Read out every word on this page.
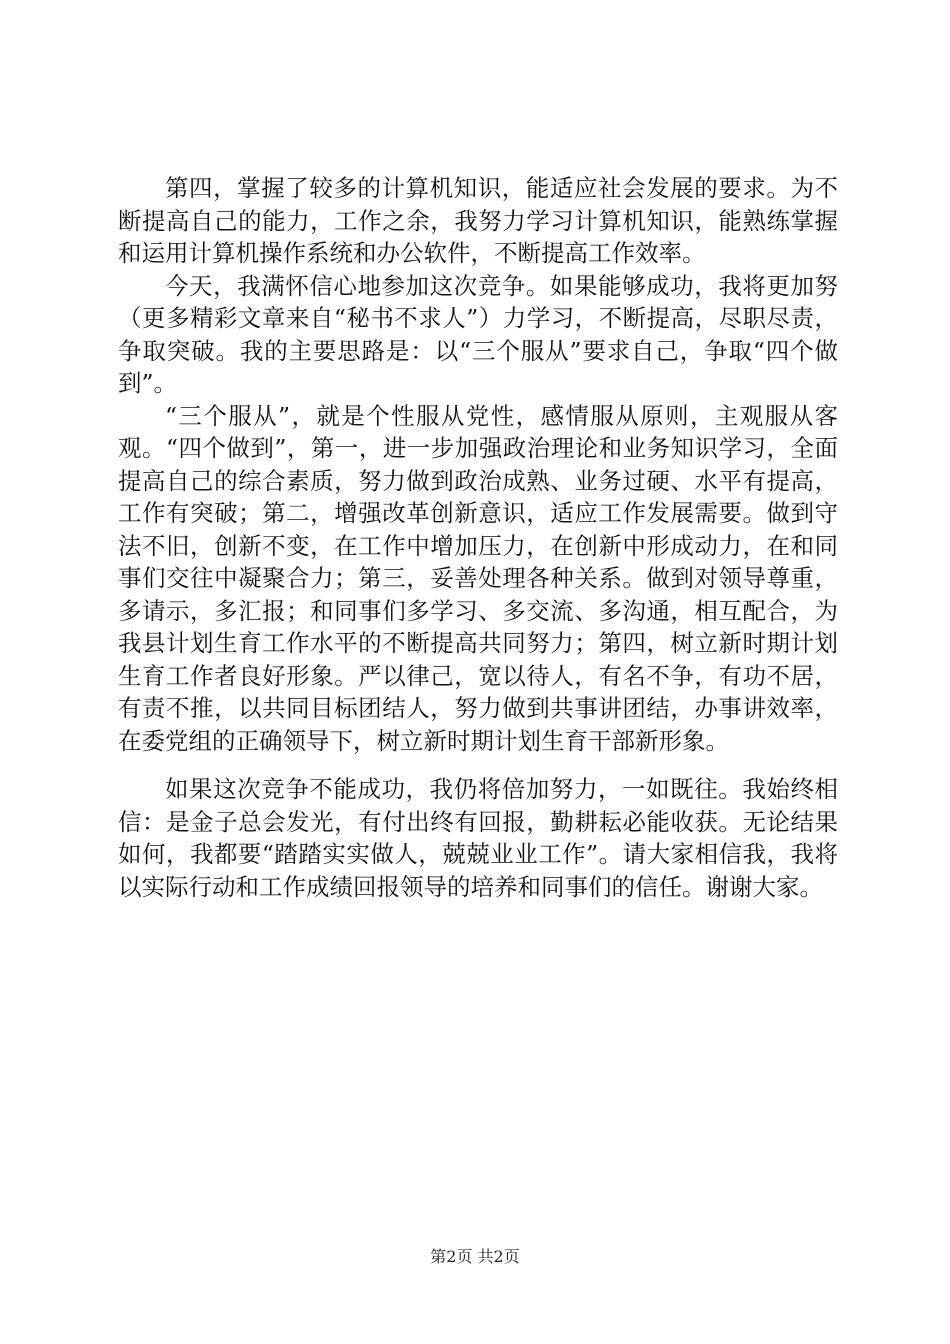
第四，掌握了较多的计算机知识，能适应社会发展的要求。为不断提高自己的能力，工作之余，我努力学习计算机知识，能熟练掌握和运用计算机操作系统和办公软件，不断提高工作效率。

今天，我满怀信心地参加这次竞争。如果能够成功，我将更加努（更多精彩文章来自“秘书不求人”）力学习，不断提高，尽职尽责，争取突破。我的主要思路是：以“三个服从”要求自己，争取“四个做到”。

“三个服从”，就是个性服从党性，感情服从原则，主观服从客观。“四个做到”，第一，进一步加强政治理论和业务知识学习，全面提高自己的综合素质，努力做到政治成熟、业务过硬、水平有提高，工作有突破；第二，增强改革创新意识，适应工作发展需要。做到守法不旧，创新不变，在工作中增加压力，在创新中形成动力，在和同事们交往中凝聚合力；第三，妥善处理各种关系。做到对领导尊重，多请示，多汇报；和同事们多学习、多交流、多沟通，相互配合，为我县计划生育工作水平的不断提高共同努力；第四，树立新时期计划生育工作者良好形象。严以律己，宽以待人，有名不争，有功不居，有责不推，以共同目标团结人，努力做到共事讲团结，办事讲效率，在委党组的正确领导下，树立新时期计划生育干部新形象。

如果这次竞争不能成功，我仍将倍加努力，一如既往。我始终相信：是金子总会发光，有付出终有回报，勤耕耘必能收获。无论结果如何，我都要“踏踏实实做人，兢兢业业工作”。请大家相信我，我将以实际行动和工作成绩回报领导的培养和同事们的信任。谢谢大家。

第2页 共2页
